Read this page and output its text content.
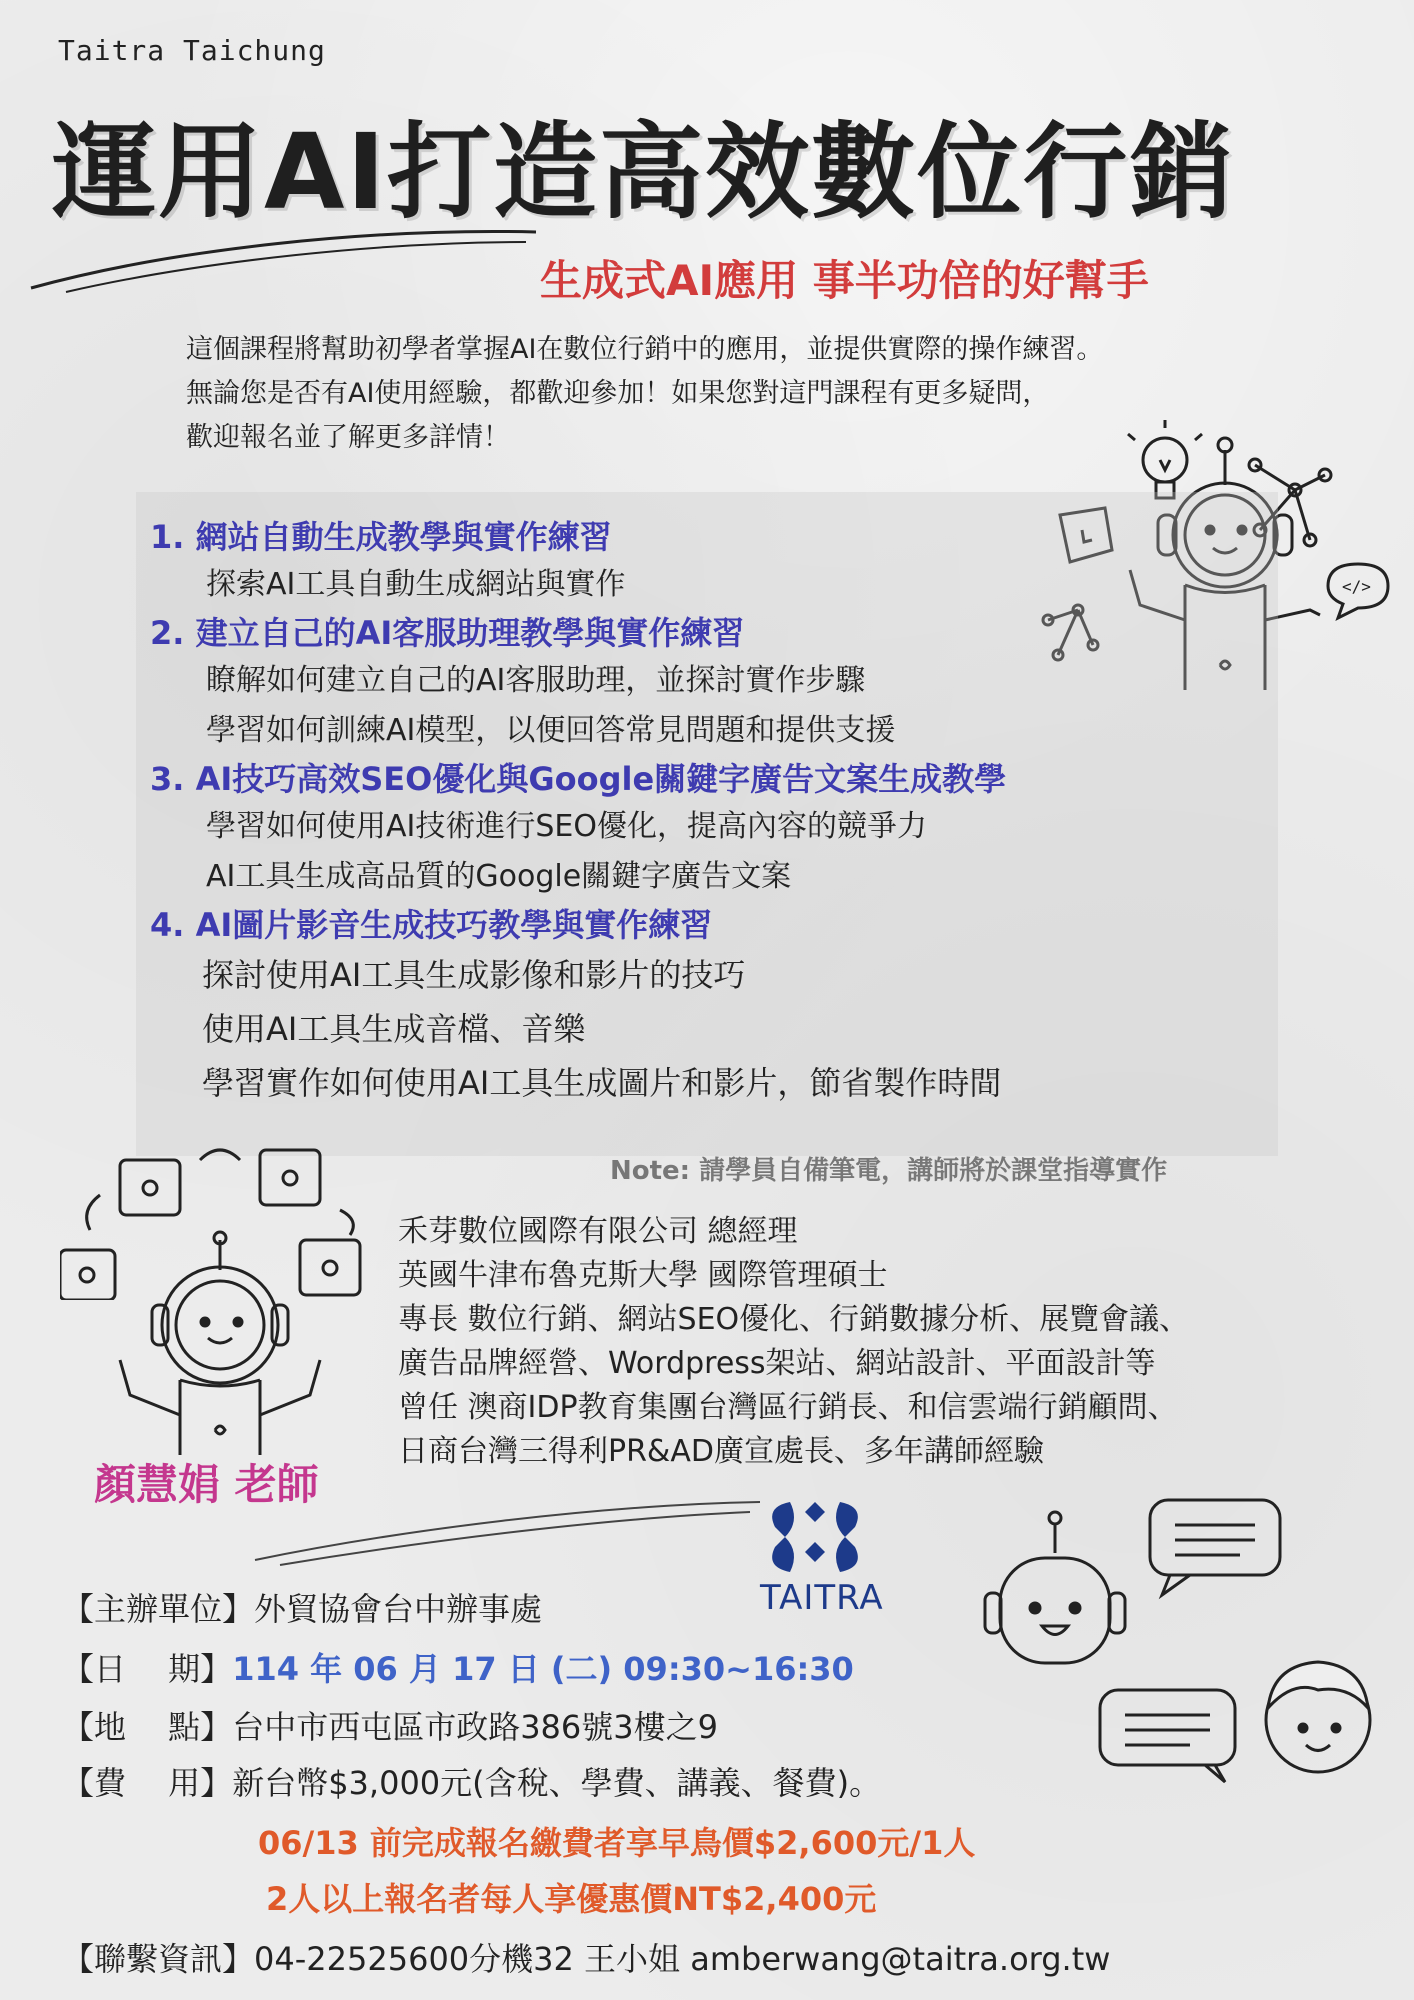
Taitra Taichung
運用AI打造高效數位行銷
生成式AI應用 事半功倍的好幫手
這個課程將幫助初學者掌握AI在數位行銷中的應用，並提供實際的操作練習。
無論您是否有AI使用經驗，都歡迎參加！如果您對這門課程有更多疑問，
歡迎報名並了解更多詳情！
</>
1. 網站自動生成教學與實作練習
探索AI工具自動生成網站與實作
2. 建立自己的AI客服助理教學與實作練習
瞭解如何建立自己的AI客服助理，並探討實作步驟
學習如何訓練AI模型，以便回答常見問題和提供支援
3. AI技巧高效SEO優化與Google關鍵字廣告文案生成教學
學習如何使用AI技術進行SEO優化，提高內容的競爭力
AI工具生成高品質的Google關鍵字廣告文案
4. AI圖片影音生成技巧教學與實作練習
探討使用AI工具生成影像和影片的技巧
使用AI工具生成音檔、音樂
學習實作如何使用AI工具生成圖片和影片，節省製作時間
Note: 請學員自備筆電，講師將於課堂指導實作
顏慧娟 老師
禾芽數位國際有限公司 總經理
英國牛津布魯克斯大學 國際管理碩士
專長 數位行銷、網站SEO優化、行銷數據分析、展覽會議、
廣告品牌經營、Wordpress架站、網站設計、平面設計等
曾任 澳商IDP教育集團台灣區行銷長、和信雲端行銷顧問、
日商台灣三得利PR&AD廣宣處長、多年講師經驗
TAITRA
【主辦單位】外貿協會台中辦事處
【日　 期】114 年 06 月 17 日 (二) 09:30~16:30
【地　 點】台中市西屯區市政路386號3樓之9
【費　 用】新台幣$3,000元(含稅、學費、講義、餐費)。
06/13 前完成報名繳費者享早鳥價$2,600元/1人
2人以上報名者每人享優惠價NT$2,400元
【聯繫資訊】04-22525600分機32 王小姐 amberwang@taitra.org.tw
